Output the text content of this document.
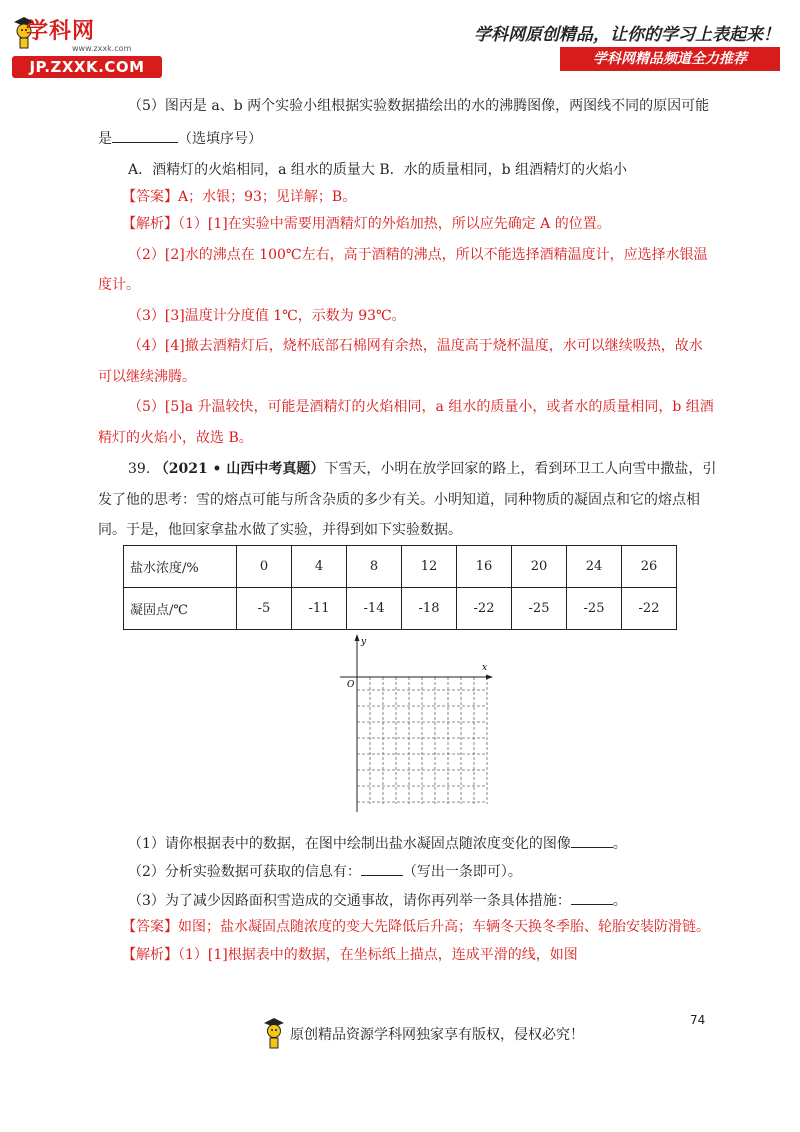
学科网
www.zxxk.com
JP.ZXXK.COM
学科网原创精品，让你的学习上表起来！
学科网精品频道全力推荐
（5）图丙是 a、b 两个实验小组根据实验数据描绘出的水的沸腾图像，两图线不同的原因可能
是	（选填序号）
A．酒精灯的火焰相同，a 组水的质量大 B．水的质量相同，b 组酒精灯的火焰小
【答案】A；水银；93；见详解；B。
【解析】（1）[1]在实验中需要用酒精灯的外焰加热，所以应先确定 A 的位置。
（2）[2]水的沸点在 100℃左右，高于酒精的沸点，所以不能选择酒精温度计，应选择水银温
度计。
（3）[3]温度计分度值 1℃，示数为 93℃。
（4）[4]撤去酒精灯后，烧杯底部石棉网有余热，温度高于烧杯温度，水可以继续吸热，故水
可以继续沸腾。
（5）[5]a 升温较快，可能是酒精灯的火焰相同，a 组水的质量小，或者水的质量相同，b 组酒
精灯的火焰小，故选 B。
39. （2021 • 山西中考真题）下雪天，小明在放学回家的路上，看到环卫工人向雪中撒盐，引
发了他的思考：雪的熔点可能与所含杂质的多少有关。小明知道，同种物质的凝固点和它的熔点相
同。于是，他回家拿盐水做了实验，并得到如下实验数据。
盐水浓度/%	0	4	8	12	16	20	24	26
凝固点/℃	-5	-11	-14	-18	-22	-25	-25	-22
y
x
O
（1）请你根据表中的数据，在图中绘制出盐水凝固点随浓度变化的图像	。
（2）分析实验数据可获取的信息有：	（写出一条即可）。
（3）为了减少因路面积雪造成的交通事故，请你再列举一条具体措施：	。
【答案】如图；盐水凝固点随浓度的变大先降低后升高；车辆冬天换冬季胎、轮胎安装防滑链。
【解析】（1）[1]根据表中的数据，在坐标纸上描点，连成平滑的线，如图
74
原创精品资源学科网独家享有版权，侵权必究！
